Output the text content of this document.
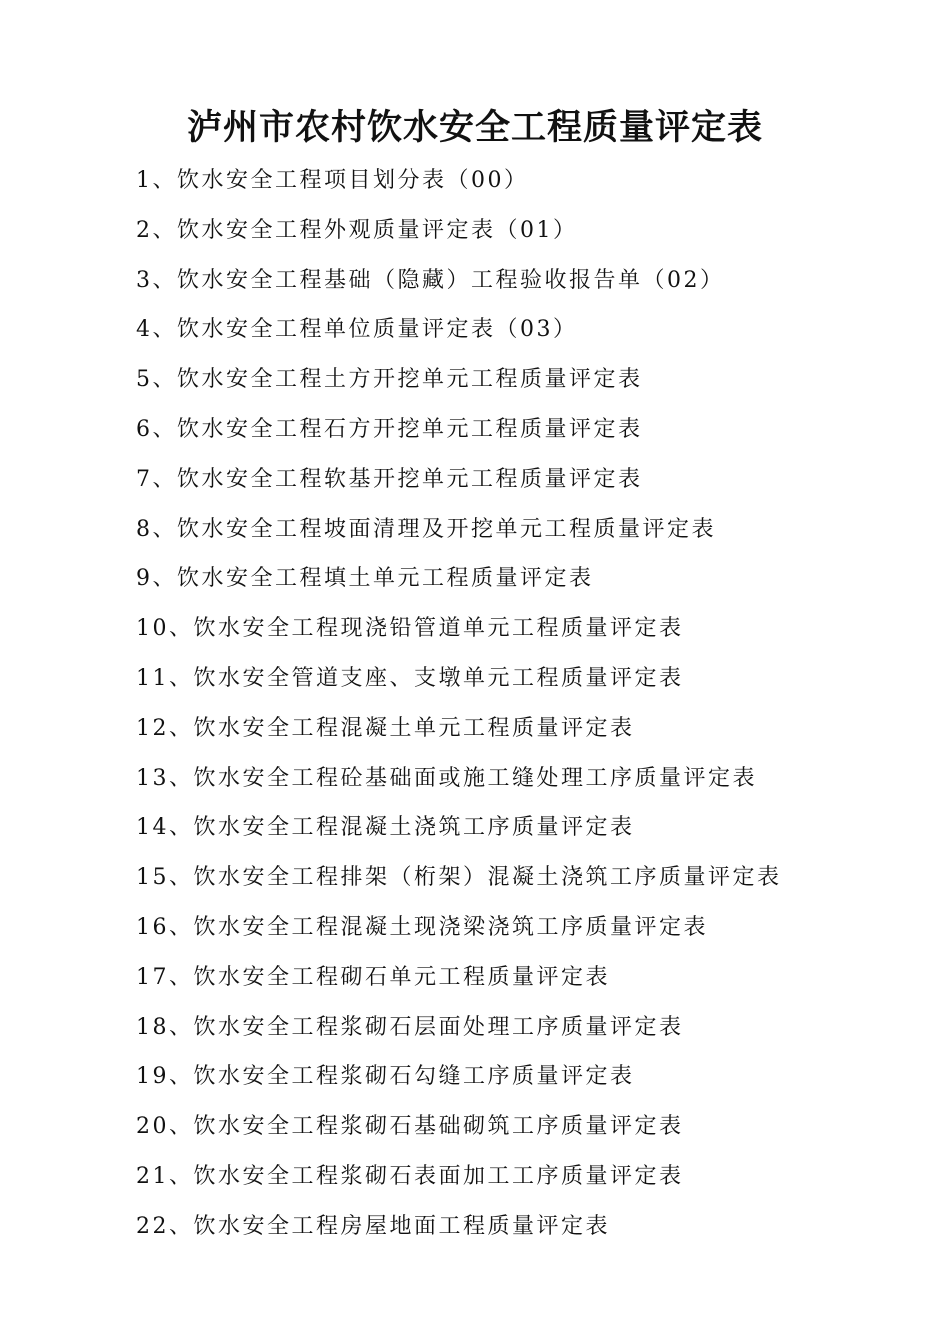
泸州市农村饮水安全工程质量评定表
1、饮水安全工程项目划分表（00）
2、饮水安全工程外观质量评定表（01）
3、饮水安全工程基础（隐藏）工程验收报告单（02）
4、饮水安全工程单位质量评定表（03）
5、饮水安全工程土方开挖单元工程质量评定表
6、饮水安全工程石方开挖单元工程质量评定表
7、饮水安全工程软基开挖单元工程质量评定表
8、饮水安全工程坡面清理及开挖单元工程质量评定表
9、饮水安全工程填土单元工程质量评定表
10、饮水安全工程现浇铅管道单元工程质量评定表
11、饮水安全管道支座、支墩单元工程质量评定表
12、饮水安全工程混凝土单元工程质量评定表
13、饮水安全工程砼基础面或施工缝处理工序质量评定表
14、饮水安全工程混凝土浇筑工序质量评定表
15、饮水安全工程排架（桁架）混凝土浇筑工序质量评定表
16、饮水安全工程混凝土现浇梁浇筑工序质量评定表
17、饮水安全工程砌石单元工程质量评定表
18、饮水安全工程浆砌石层面处理工序质量评定表
19、饮水安全工程浆砌石勾缝工序质量评定表
20、饮水安全工程浆砌石基础砌筑工序质量评定表
21、饮水安全工程浆砌石表面加工工序质量评定表
22、饮水安全工程房屋地面工程质量评定表
